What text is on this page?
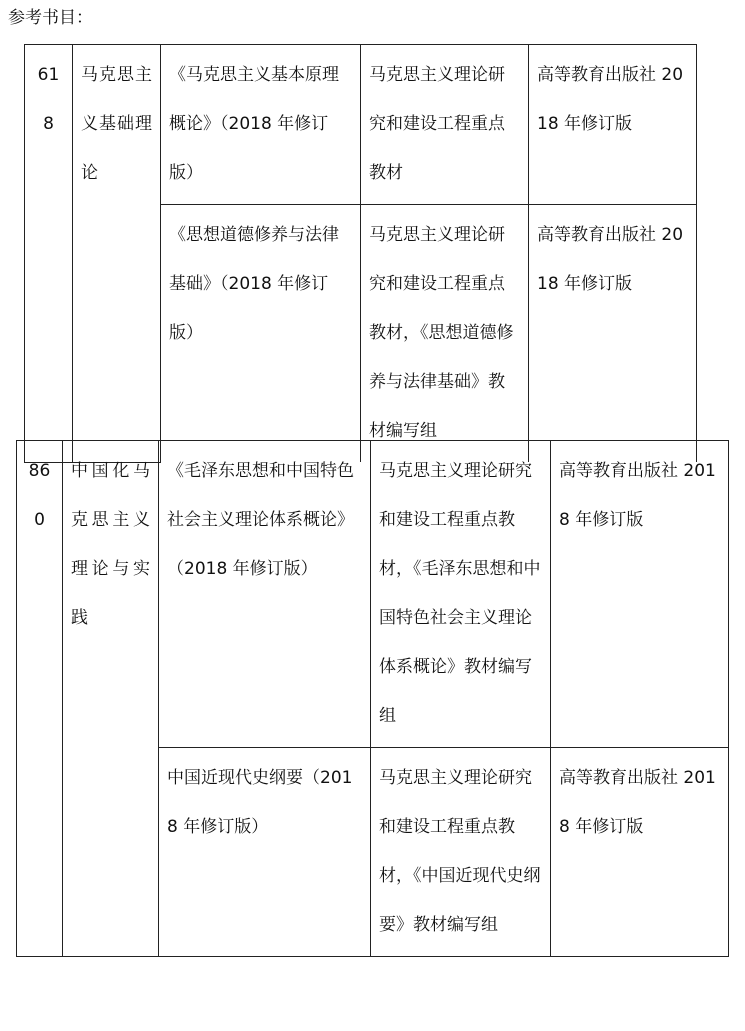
参考书目：
618	马克思主义基础理论	《马克思主义基本原理概论》（2018 年修订版）	马克思主义理论研究和建设工程重点教材	高等教育出版社 2018 年修订版
		《思想道德修养与法律基础》（2018 年修订版）	马克思主义理论研究和建设工程重点教材，《思想道德修养与法律基础》教材编写组	高等教育出版社 2018 年修订版
860	中国化马克思主义理论与实践	《毛泽东思想和中国特色社会主义理论体系概论》（2018 年修订版）	马克思主义理论研究和建设工程重点教材，《毛泽东思想和中国特色社会主义理论体系概论》教材编写组	高等教育出版社 2018 年修订版
		中国近现代史纲要（2018 年修订版）	马克思主义理论研究和建设工程重点教材，《中国近现代史纲要》教材编写组	高等教育出版社 2018 年修订版
